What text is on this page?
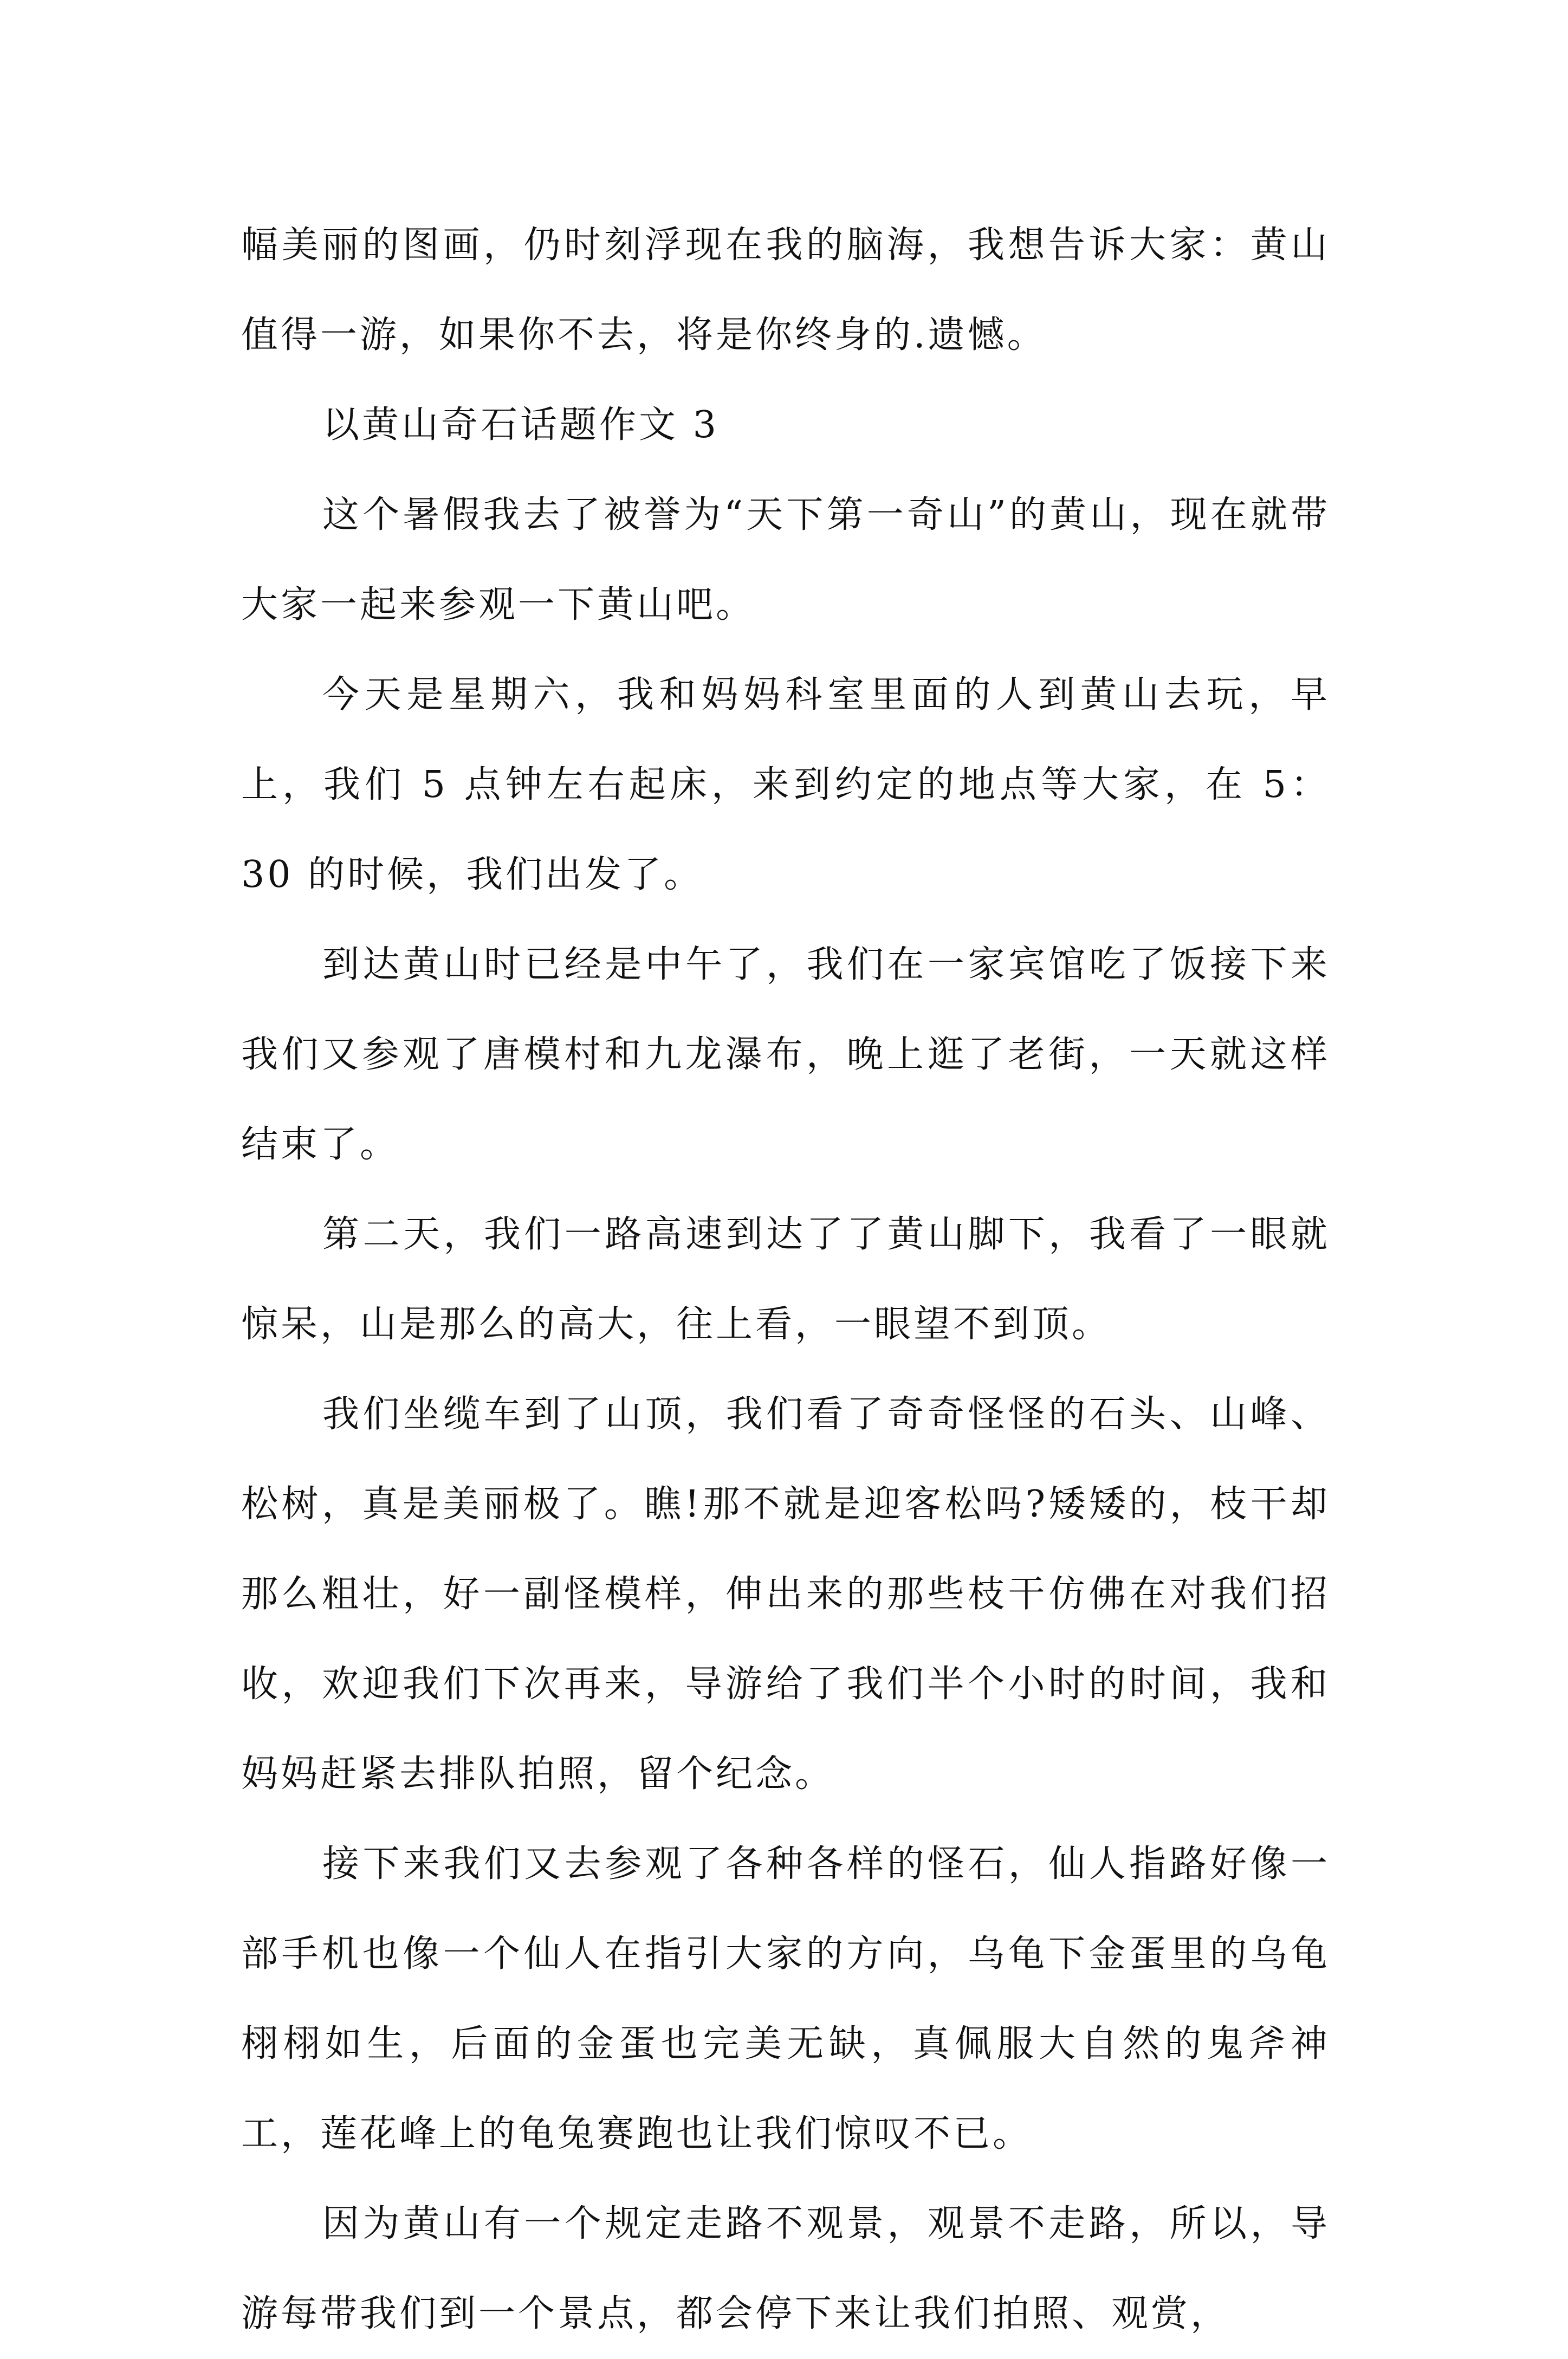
幅美丽的图画，仍时刻浮现在我的脑海，我想告诉大家：黄山值得一游，如果你不去，将是你终身的.遗憾。

以黄山奇石话题作文 3

这个暑假我去了被誉为“天下第一奇山”的黄山，现在就带大家一起来参观一下黄山吧。

今天是星期六，我和妈妈科室里面的人到黄山去玩，早上，我们 5 点钟左右起床，来到约定的地点等大家，在 5：30 的时候，我们出发了。

到达黄山时已经是中午了，我们在一家宾馆吃了饭接下来我们又参观了唐模村和九龙瀑布，晚上逛了老街，一天就这样结束了。

第二天，我们一路高速到达了了黄山脚下，我看了一眼就惊呆，山是那么的高大，往上看，一眼望不到顶。

我们坐缆车到了山顶，我们看了奇奇怪怪的石头、山峰、松树，真是美丽极了。瞧!那不就是迎客松吗?矮矮的，枝干却那么粗壮，好一副怪模样，伸出来的那些枝干仿佛在对我们招收，欢迎我们下次再来，导游给了我们半个小时的时间，我和妈妈赶紧去排队拍照，留个纪念。

接下来我们又去参观了各种各样的怪石，仙人指路好像一部手机也像一个仙人在指引大家的方向，乌龟下金蛋里的乌龟栩栩如生，后面的金蛋也完美无缺，真佩服大自然的鬼斧神工，莲花峰上的龟兔赛跑也让我们惊叹不已。

因为黄山有一个规定走路不观景，观景不走路，所以，导游每带我们到一个景点，都会停下来让我们拍照、观赏，
